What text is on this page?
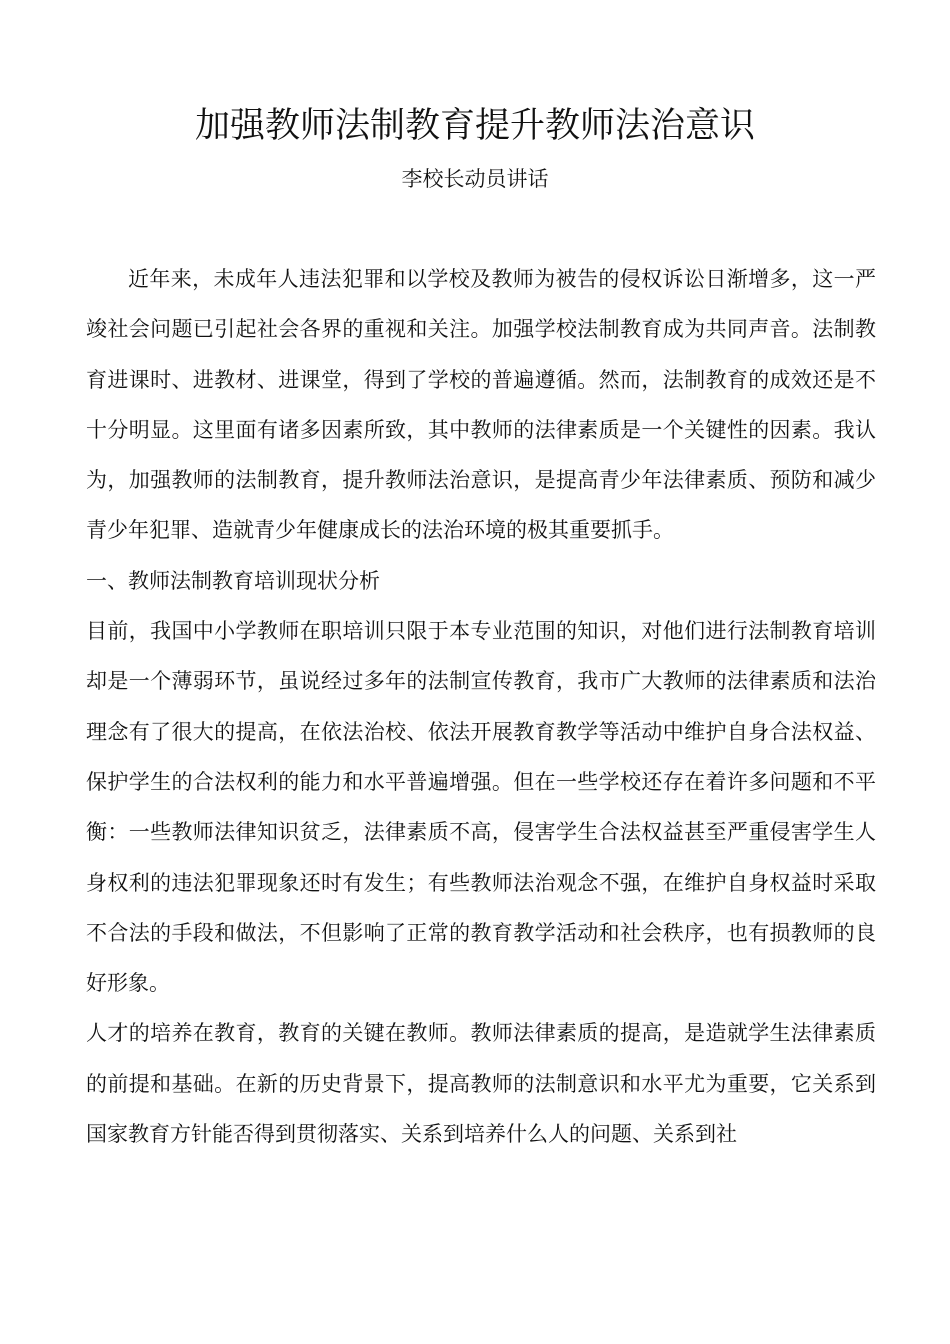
加强教师法制教育提升教师法治意识
李校长动员讲话

近年来，未成年人违法犯罪和以学校及教师为被告的侵权诉讼日渐增多，这一严竣社会问题已引起社会各界的重视和关注。加强学校法制教育成为共同声音。法制教育进课时、进教材、进课堂，得到了学校的普遍遵循。然而，法制教育的成效还是不十分明显。这里面有诸多因素所致，其中教师的法律素质是一个关键性的因素。我认为，加强教师的法制教育，提升教师法治意识，是提高青少年法律素质、预防和减少青少年犯罪、造就青少年健康成长的法治环境的极其重要抓手。

一、教师法制教育培训现状分析

目前，我国中小学教师在职培训只限于本专业范围的知识，对他们进行法制教育培训却是一个薄弱环节，虽说经过多年的法制宣传教育，我市广大教师的法律素质和法治理念有了很大的提高，在依法治校、依法开展教育教学等活动中维护自身合法权益、保护学生的合法权利的能力和水平普遍增强。但在一些学校还存在着许多问题和不平衡：一些教师法律知识贫乏，法律素质不高，侵害学生合法权益甚至严重侵害学生人身权利的违法犯罪现象还时有发生；有些教师法治观念不强，在维护自身权益时采取不合法的手段和做法，不但影响了正常的教育教学活动和社会秩序，也有损教师的良好形象。

人才的培养在教育，教育的关键在教师。教师法律素质的提高，是造就学生法律素质的前提和基础。在新的历史背景下，提高教师的法制意识和水平尤为重要，它关系到国家教育方针能否得到贯彻落实、关系到培养什么人的问题、关系到社
